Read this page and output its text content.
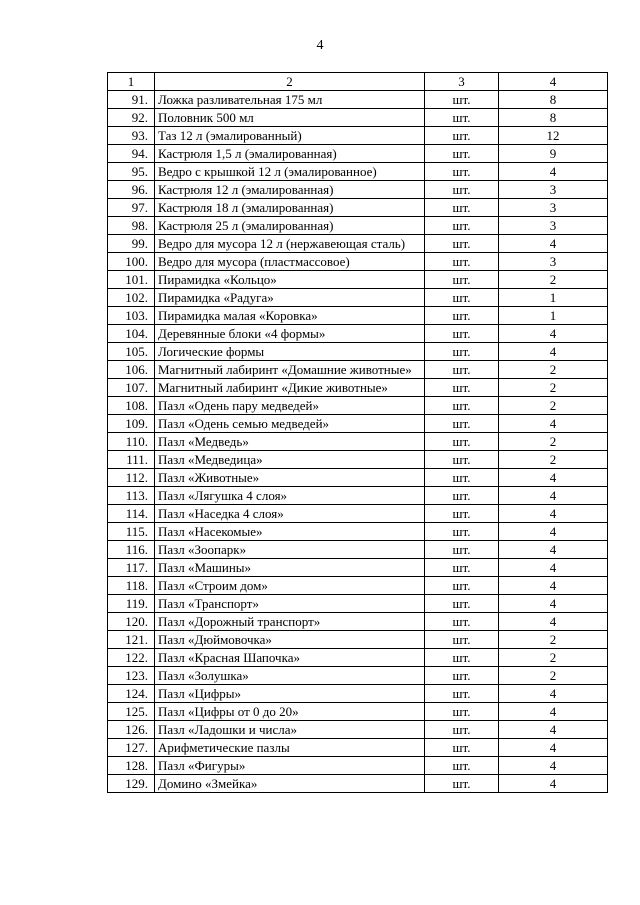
4
1	2	3	4
91.	Ложка разливательная 175 мл	шт.	8
92.	Половник 500 мл	шт.	8
93.	Таз 12 л (эмалированный)	шт.	12
94.	Кастрюля 1,5 л (эмалированная)	шт.	9
95.	Ведро с крышкой 12 л (эмалированное)	шт.	4
96.	Кастрюля 12 л (эмалированная)	шт.	3
97.	Кастрюля 18 л (эмалированная)	шт.	3
98.	Кастрюля 25 л (эмалированная)	шт.	3
99.	Ведро для мусора 12 л (нержавеющая сталь)	шт.	4
100.	Ведро для мусора (пластмассовое)	шт.	3
101.	Пирамидка «Кольцо»	шт.	2
102.	Пирамидка «Радуга»	шт.	1
103.	Пирамидка малая «Коровка»	шт.	1
104.	Деревянные блоки «4 формы»	шт.	4
105.	Логические формы	шт.	4
106.	Магнитный лабиринт «Домашние животные»	шт.	2
107.	Магнитный лабиринт «Дикие животные»	шт.	2
108.	Пазл «Одень пару медведей»	шт.	2
109.	Пазл «Одень семью медведей»	шт.	4
110.	Пазл «Медведь»	шт.	2
111.	Пазл «Медведица»	шт.	2
112.	Пазл «Животные»	шт.	4
113.	Пазл «Лягушка 4 слоя»	шт.	4
114.	Пазл «Наседка 4 слоя»	шт.	4
115.	Пазл «Насекомые»	шт.	4
116.	Пазл «Зоопарк»	шт.	4
117.	Пазл «Машины»	шт.	4
118.	Пазл «Строим дом»	шт.	4
119.	Пазл «Транспорт»	шт.	4
120.	Пазл «Дорожный транспорт»	шт.	4
121.	Пазл «Дюймовочка»	шт.	2
122.	Пазл «Красная Шапочка»	шт.	2
123.	Пазл «Золушка»	шт.	2
124.	Пазл «Цифры»	шт.	4
125.	Пазл «Цифры от 0 до 20»	шт.	4
126.	Пазл «Ладошки и числа»	шт.	4
127.	Арифметические пазлы	шт.	4
128.	Пазл «Фигуры»	шт.	4
129.	Домино «Змейка»	шт.	4
